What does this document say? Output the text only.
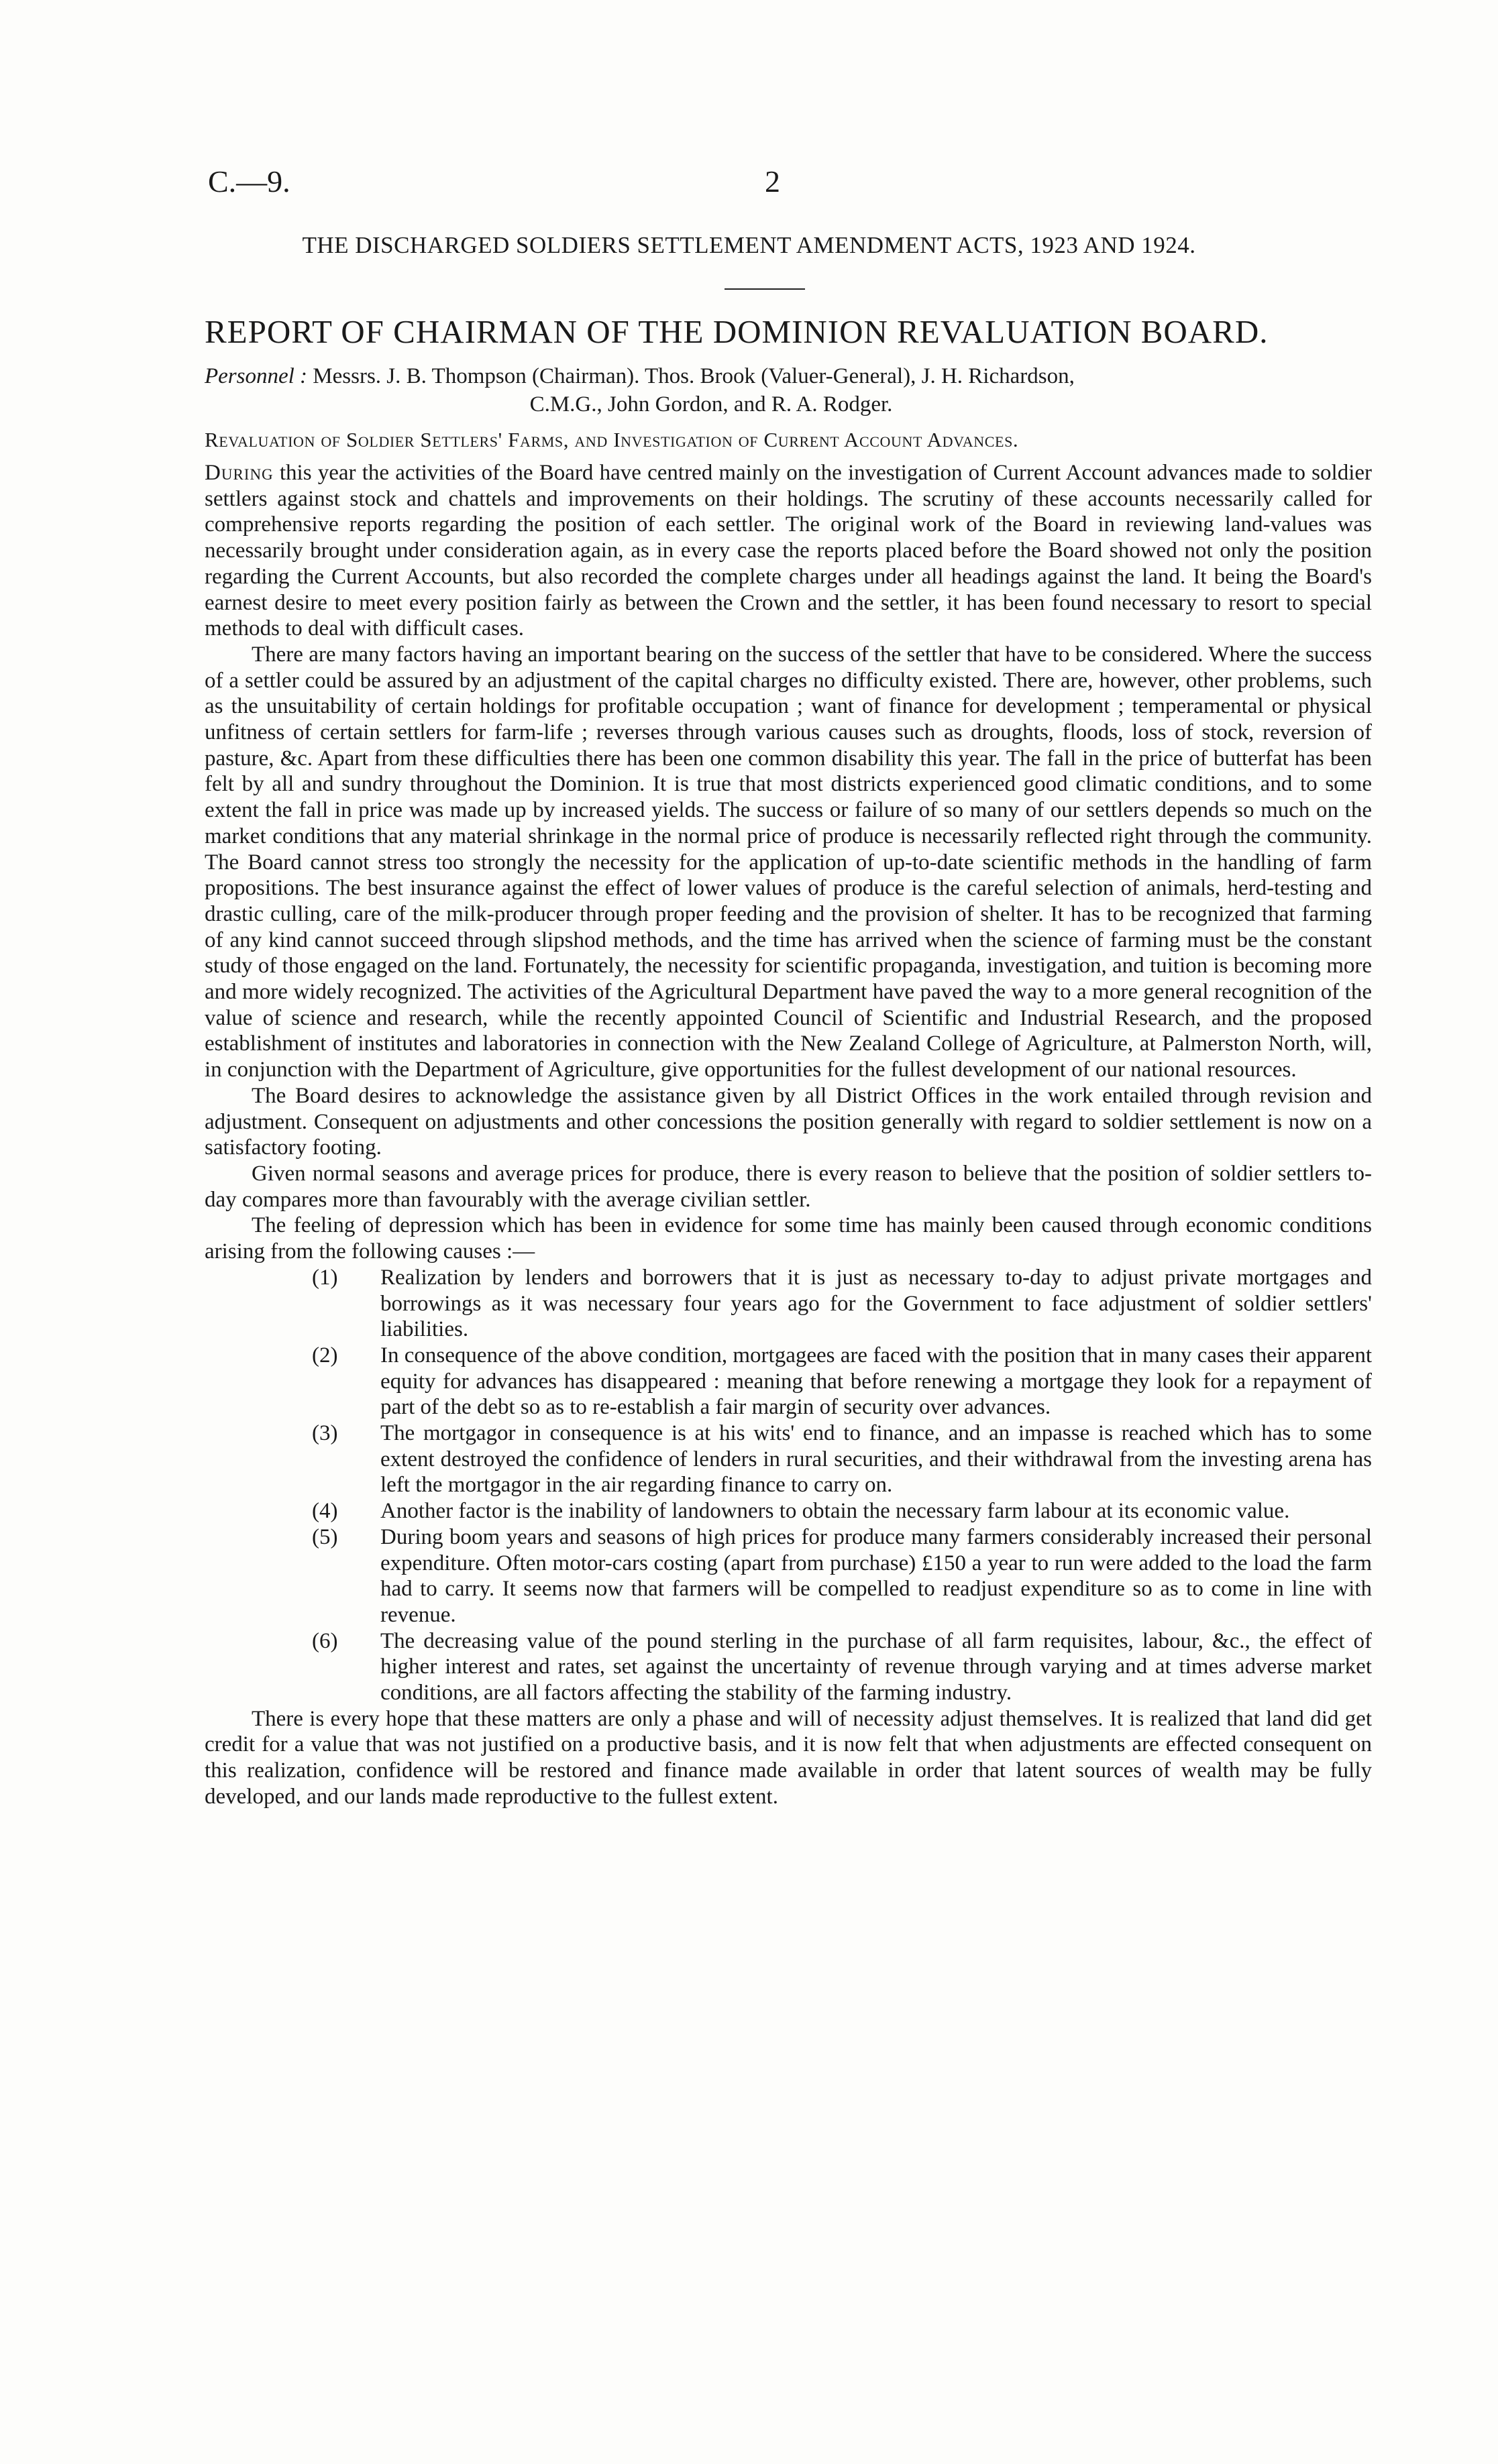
C.—9.	2
THE DISCHARGED SOLDIERS SETTLEMENT AMENDMENT ACTS, 1923 AND 1924.
REPORT OF CHAIRMAN OF THE DOMINION REVALUATION BOARD.
Personnel : Messrs. J. B. Thompson (Chairman). Thos. Brook (Valuer-General), J. H. Richardson,
C.M.G., John Gordon, and R. A. Rodger.
Revaluation of Soldier Settlers' Farms, and Investigation of Current Account Advances.

During this year the activities of the Board have centred mainly on the investigation of Current Account advances made to soldier settlers against stock and chattels and improvements on their holdings. The scrutiny of these accounts necessarily called for comprehensive reports regarding the position of each settler. The original work of the Board in reviewing land-values was necessarily brought under consideration again, as in every case the reports placed before the Board showed not only the position regarding the Current Accounts, but also recorded the complete charges under all headings against the land. It being the Board's earnest desire to meet every position fairly as between the Crown and the settler, it has been found necessary to resort to special methods to deal with difficult cases.

There are many factors having an important bearing on the success of the settler that have to be considered. Where the success of a settler could be assured by an adjustment of the capital charges no difficulty existed. There are, however, other problems, such as the unsuitability of certain holdings for profitable occupation ; want of finance for development ; temperamental or physical unfitness of certain settlers for farm-life ; reverses through various causes such as droughts, floods, loss of stock, reversion of pasture, &c. Apart from these difficulties there has been one common disability this year. The fall in the price of butterfat has been felt by all and sundry throughout the Dominion. It is true that most districts experienced good climatic conditions, and to some extent the fall in price was made up by increased yields. The success or failure of so many of our settlers depends so much on the market conditions that any material shrinkage in the normal price of produce is necessarily reflected right through the community. The Board cannot stress too strongly the necessity for the application of up-to-date scientific methods in the handling of farm propositions. The best insurance against the effect of lower values of produce is the careful selection of animals, herd-testing and drastic culling, care of the milk-producer through proper feeding and the provision of shelter. It has to be recognized that farming of any kind cannot succeed through slipshod methods, and the time has arrived when the science of farming must be the constant study of those engaged on the land. Fortunately, the necessity for scientific propaganda, investigation, and tuition is becoming more and more widely recognized. The activities of the Agricultural Department have paved the way to a more general recognition of the value of science and research, while the recently appointed Council of Scientific and Industrial Research, and the proposed establishment of institutes and laboratories in connection with the New Zealand College of Agriculture, at Palmerston North, will, in conjunction with the Department of Agriculture, give opportunities for the fullest development of our national resources.

The Board desires to acknowledge the assistance given by all District Offices in the work entailed through revision and adjustment. Consequent on adjustments and other concessions the position generally with regard to soldier settlement is now on a satisfactory footing.

Given normal seasons and average prices for produce, there is every reason to believe that the position of soldier settlers to-day compares more than favourably with the average civilian settler.

The feeling of depression which has been in evidence for some time has mainly been caused through economic conditions arising from the following causes :—

(1) Realization by lenders and borrowers that it is just as necessary to-day to adjust private mortgages and borrowings as it was necessary four years ago for the Government to face adjustment of soldier settlers' liabilities.
(2) In consequence of the above condition, mortgagees are faced with the position that in many cases their apparent equity for advances has disappeared : meaning that before renewing a mortgage they look for a repayment of part of the debt so as to re-establish a fair margin of security over advances.
(3) The mortgagor in consequence is at his wits' end to finance, and an impasse is reached which has to some extent destroyed the confidence of lenders in rural securities, and their withdrawal from the investing arena has left the mortgagor in the air regarding finance to carry on.
(4) Another factor is the inability of landowners to obtain the necessary farm labour at its economic value.
(5) During boom years and seasons of high prices for produce many farmers considerably increased their personal expenditure. Often motor-cars costing (apart from purchase) £150 a year to run were added to the load the farm had to carry. It seems now that farmers will be compelled to readjust expenditure so as to come in line with revenue.
(6) The decreasing value of the pound sterling in the purchase of all farm requisites, labour, &c., the effect of higher interest and rates, set against the uncertainty of revenue through varying and at times adverse market conditions, are all factors affecting the stability of the farming industry.

There is every hope that these matters are only a phase and will of necessity adjust themselves. It is realized that land did get credit for a value that was not justified on a productive basis, and it is now felt that when adjustments are effected consequent on this realization, confidence will be restored and finance made available in order that latent sources of wealth may be fully developed, and our lands made reproductive to the fullest extent.
